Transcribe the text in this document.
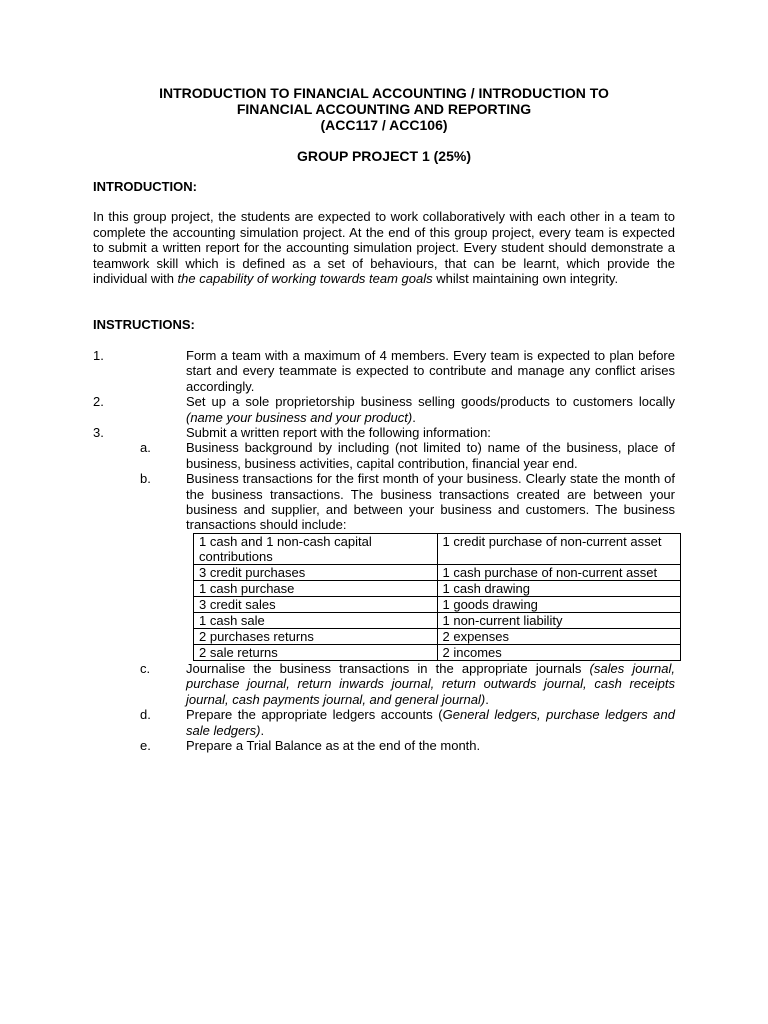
INTRODUCTION TO FINANCIAL ACCOUNTING / INTRODUCTION TO
FINANCIAL ACCOUNTING AND REPORTING
(ACC117 / ACC106)
GROUP PROJECT 1 (25%)
INTRODUCTION:
In this group project, the students are expected to work collaboratively with each other in a team to complete the accounting simulation project. At the end of this group project, every team is expected to submit a written report for the accounting simulation project. Every student should demonstrate a teamwork skill which is defined as a set of behaviours, that can be learnt, which provide the individual with the capability of working towards team goals whilst maintaining own integrity.
INSTRUCTIONS:
1.	Form a team with a maximum of 4 members. Every team is expected to plan before start and every teammate is expected to contribute and manage any conflict arises accordingly.
2.	Set up a sole proprietorship business selling goods/products to customers locally (name your business and your product).
3.	Submit a written report with the following information:
a.	Business background by including (not limited to) name of the business, place of business, business activities, capital contribution, financial year end.
b.	Business transactions for the first month of your business. Clearly state the month of the business transactions. The business transactions created are between your business and supplier, and between your business and customers. The business transactions should include:
1 cash and 1 non-cash capital contributions	1 credit purchase of non-current asset
3 credit purchases	1 cash purchase of non-current asset
1 cash purchase	1 cash drawing
3 credit sales	1 goods drawing
1 cash sale	1 non-current liability
2 purchases returns	2 expenses
2 sale returns	2 incomes
c.	Journalise the business transactions in the appropriate journals (sales journal, purchase journal, return inwards journal, return outwards journal, cash receipts journal, cash payments journal, and general journal).
d.	Prepare the appropriate ledgers accounts (General ledgers, purchase ledgers and sale ledgers).
e.	Prepare a Trial Balance as at the end of the month.
